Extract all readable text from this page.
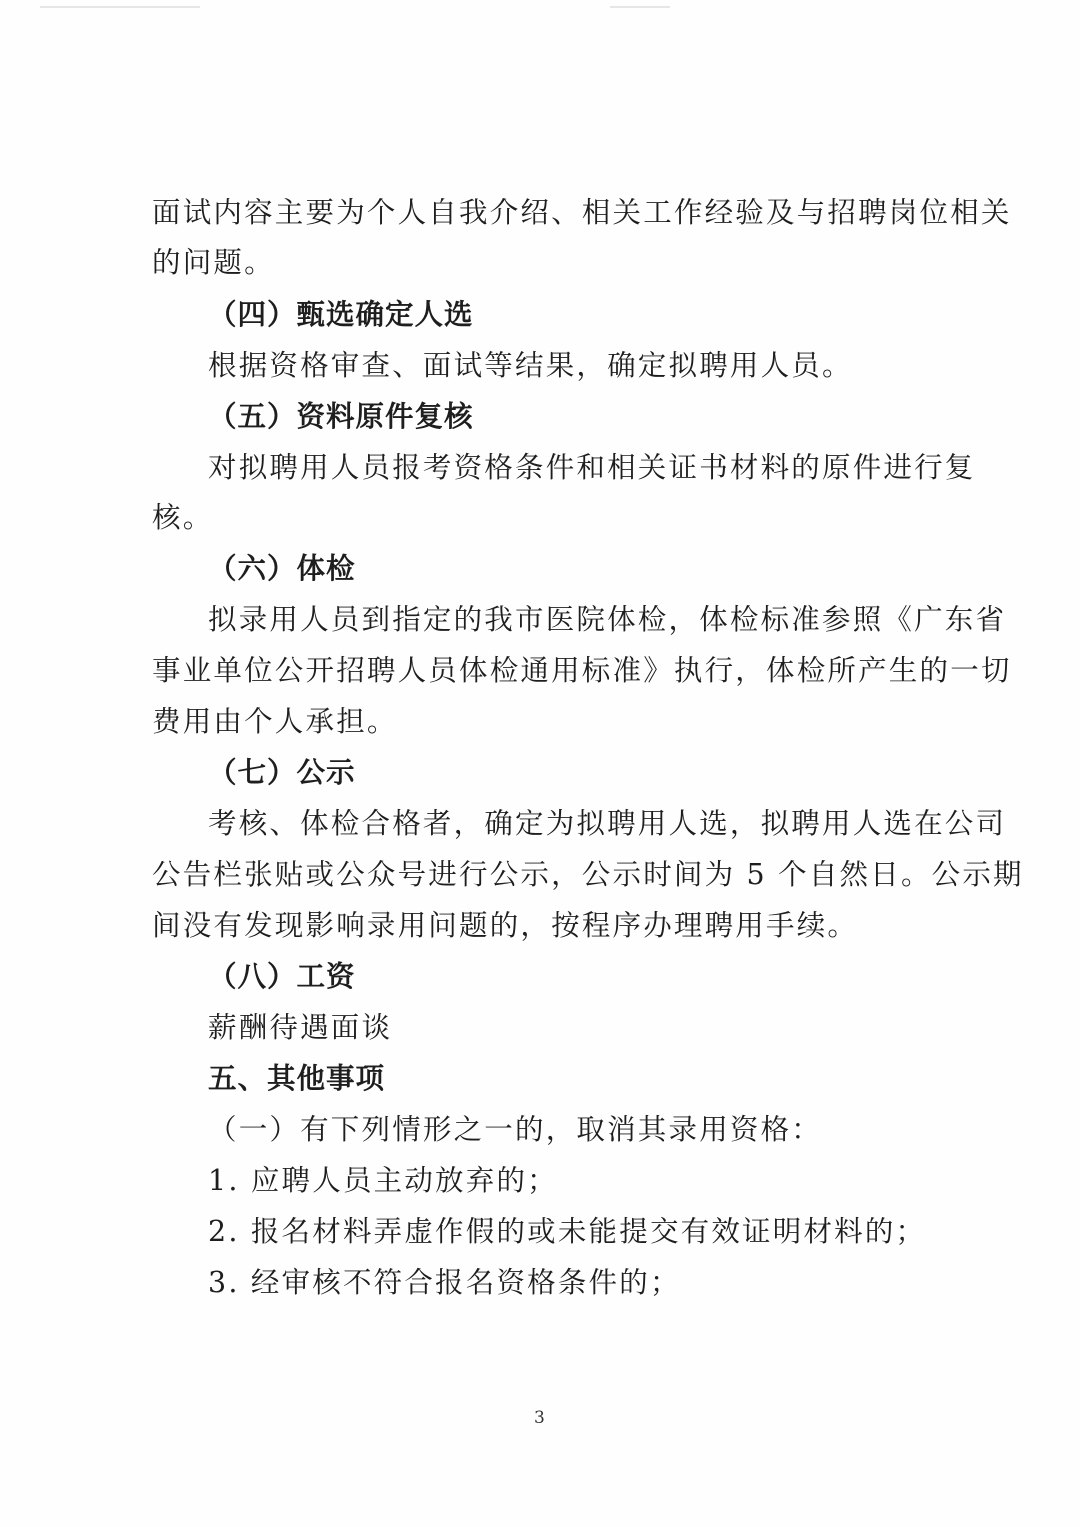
面试内容主要为个人自我介绍、相关工作经验及与招聘岗位相关
的问题。
（四）甄选确定人选
根据资格审查、面试等结果，确定拟聘用人员。
（五）资料原件复核
对拟聘用人员报考资格条件和相关证书材料的原件进行复
核。
（六）体检
拟录用人员到指定的我市医院体检，体检标准参照《广东省
事业单位公开招聘人员体检通用标准》执行，体检所产生的一切
费用由个人承担。
（七）公示
考核、体检合格者，确定为拟聘用人选，拟聘用人选在公司
公告栏张贴或公众号进行公示，公示时间为 5 个自然日。公示期
间没有发现影响录用问题的，按程序办理聘用手续。
（八）工资
薪酬待遇面谈
五、其他事项
（一）有下列情形之一的，取消其录用资格：
1. 应聘人员主动放弃的；
2. 报名材料弄虚作假的或未能提交有效证明材料的；
3. 经审核不符合报名资格条件的；
3
